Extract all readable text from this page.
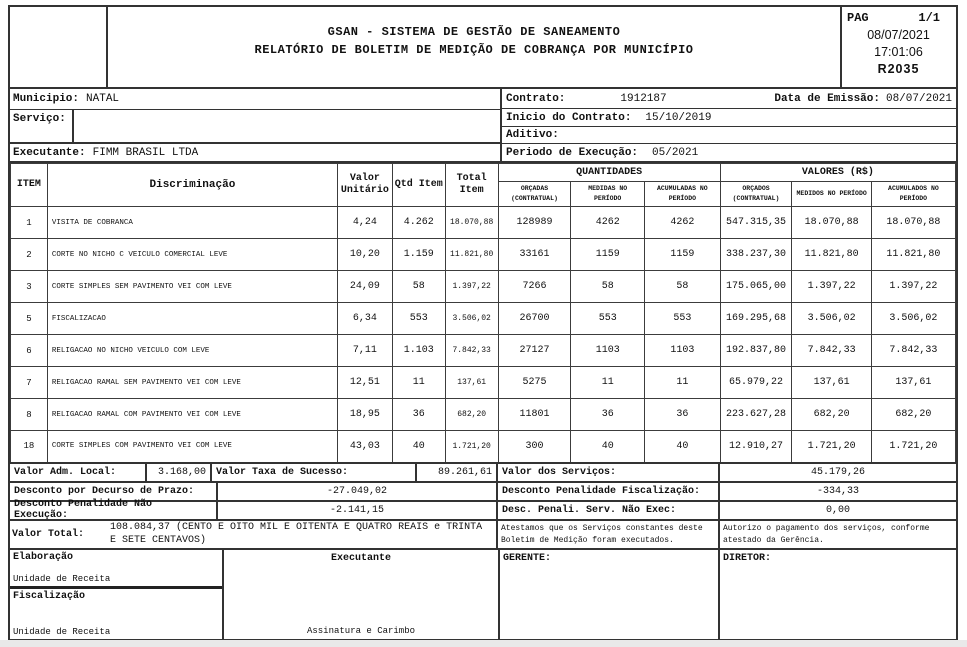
GSAN - SISTEMA DE GESTÃO DE SANEAMENTO
RELATÓRIO DE BOLETIM DE MEDIÇÃO DE COBRANÇA POR MUNICÍPIO
PAG	1/1
08/07/2021
17:01:06
R2035
Municipio: NATAL
Serviço:
Executante: FIMM BRASIL LTDA
Contrato:	1912187	Data de Emissão: 08/07/2021
Inicio do Contrato: 15/10/2019
Aditivo:
Periodo de Execução: 05/2021
ITEM	Discriminação	Valor Unitário	Qtd Item	Total Item	QUANTIDADES			VALORES (R$)		
					ORÇADAS (CONTRATUAL)	MEDIDAS NO PERÍODO	ACUMULADAS NO PERÍODO	ORÇADOS (CONTRATUAL)	MEDIDOS NO PERÍODO	ACUMULADOS NO PERÍODO
1	VISITA DE COBRANCA	4,24	4.262	18.070,88	128989	4262	4262	547.315,35	18.070,88	18.070,88
2	CORTE NO NICHO C VEICULO COMERCIAL LEVE	10,20	1.159	11.821,80	33161	1159	1159	338.237,30	11.821,80	11.821,80
3	CORTE SIMPLES SEM PAVIMENTO VEI COM LEVE	24,09	58	1.397,22	7266	58	58	175.065,00	1.397,22	1.397,22
5	FISCALIZACAO	6,34	553	3.506,02	26700	553	553	169.295,68	3.506,02	3.506,02
6	RELIGACAO NO NICHO VEICULO COM LEVE	7,11	1.103	7.842,33	27127	1103	1103	192.837,80	7.842,33	7.842,33
7	RELIGACAO RAMAL SEM PAVIMENTO VEI COM LEVE	12,51	11	137,61	5275	11	11	65.979,22	137,61	137,61
8	RELIGACAO RAMAL COM PAVIMENTO VEI COM LEVE	18,95	36	682,20	11801	36	36	223.627,28	682,20	682,20
18	CORTE SIMPLES COM PAVIMENTO VEI COM LEVE	43,03	40	1.721,20	300	40	40	12.910,27	1.721,20	1.721,20
Valor Adm. Local:	3.168,00	Valor Taxa de Sucesso:	89.261,61	Valor dos Serviços:	45.179,26
Desconto por Decurso de Prazo:	-27.049,02	Desconto Penalidade Fiscalização:	-334,33
Desconto Penalidade Não Execução:	-2.141,15	Desc. Penali. Serv. Não Exec:	0,00
Valor Total:
108.084,37 (CENTO E OITO MIL E OITENTA E QUATRO REAIS e TRINTA E SETE CENTAVOS)
Atestamos que os Serviços constantes deste Boletim de Medição foram executados.
Autorizo o pagamento dos serviços, conforme atestado da Gerência.
Elaboração
Unidade de Receita
Fiscalização
Unidade de Receita
Executante
Assinatura e Carimbo
GERENTE:	DIRETOR:
